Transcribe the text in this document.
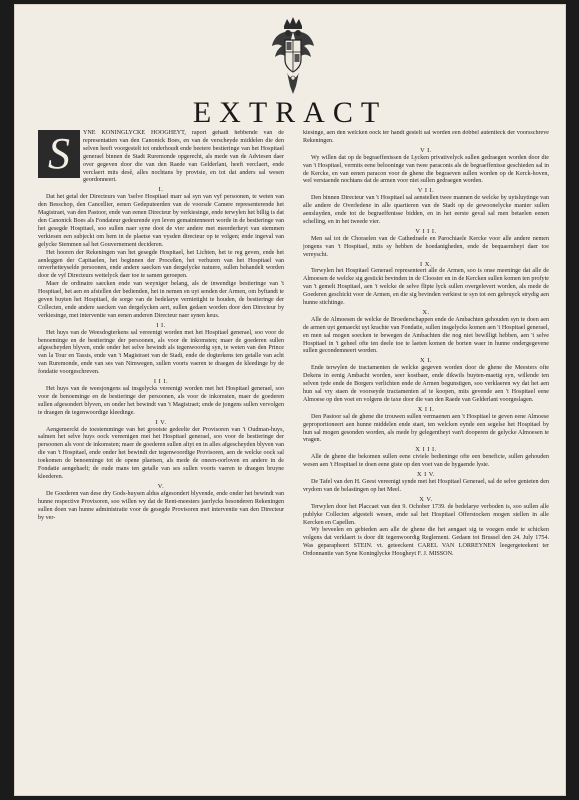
EXTRACT
S	YNE KONINGLYCKE HOOGHEYT, raport gehadt hebbende van de representatien van den Canonick Boes, en van de verscheyde middelen die den selven heeft voorgestelt tot onderhoudt ende beetere bestieringe van het Hospitael generael binnen de Stadt Ruremonde opgerecht, als mede van de Adviesen daer over gegeven door die van den Raede van Gelderlant, heeft verclaert, ende verclaert mits desê, alles nochtans by provisie, en tot dat anders sal wesen geordonneert.

I.

Dat het getal der Directeurs van 'tselve Hospitael marr sal syn van vyf persoonen, te weten van den Besschop, den Cancellier, eenen Gedeputeerden van de voorsde Camere representerende het Magistraet, van den Pastoor, ende van eenen Directeur by verkiesinge, ende terwylen het billig is dat den Canonick Boes als Fondateur gedeurende syn leven gemaintenneert worde in de bestieringe van het gesegde Hospitael, soo sullen naer syne doot de vier andere met meerderheyt van stemmen verkiesen een subjeckt om hem in de plaetse van vysden directeur op te volgen; ende ingeval van gelycke Stemmen sal het Gouvernement decideren.

Het hooren der Rekeningen van het gesegde Hospitael, het Lichten, het te reg geven, ende het aenleggen der Capitaelen, het beginnen der Proceßen, het verhuren van het Hospitael van onverhetteyselde persoonen, ende andere saecken van dergelycke natuere, sullen behandelt worden door de vyf Directeurs wettelyck daer toe te samen geroepen.

Maer de ordinaire saecken ende van weyniger belang, als de inwendige bestieringe van 't Hospitael, het aen en afstellen der bedienden, het in nemen en uyt senden der Armen, om byftandt te geven buyten het Hospitael, de sorge van de bedelarye vernietight te houden, de bestieringe der Collecten, ende andere saecken van dergelycken aert, sullen gedaen worden door den Directeur by verkiesinge, met interventie van eenen anderen Directeur naer synen keus.

I I.

Het huys van de Weesdogterkens sal vereenigt worden met het Hospitael generael, soo voor de benoeminge en de bestieringe der persoonen, als voor de inkomsten; maer de goederen sullen afgescheyden blyven, ende onder het selve bewindt als tegenwoordig syn, te weten van den Prince van la Tour en Tassis, ende van 't Magistraet van de Stadt, ende de dogterkens ten getalle van acht van Ruremonde, ende van ses van Nimwegen, sullen voorts vaeren te draegen de kleedinge by de fondatie voorgeschreven.

I I I.

Het huys van de weesjongens sal insgelycks vereenigt worden met het Hospitael generael, soo voor de benoeminge en de bestieringe der persoonen, als voor de inkomsten, maer de goederen sullen afgesondert blyven, en onder het bewindt van 't Magistraet; ende de jongens sullen vervolgen te draegen de tegenwoordige kleedinge.

I V.

Aengemerckt de toestemminge van het grootste gedeelte der Provisoren van 't Oudman-huys, salmen het selve huys oock vereenigen met het Hospitael generael, soo voor de bestieringe der persoonen als voor de inkomsten; maer de goederen sullen altyt en in alles afgescheyden blyven van die van 't Hospitael, ende onder het bewindt der tegenwoordige Provisoren, aen de welcke oock sal toekomen de benoeminge tot de opene plaetsen, als mede de oneen-oorloven en andere in de Fondatie aengehaelt; de oude mans ten getalle van ses sullen voorts vaeren te draegen bruyne kleederen.

V.

De Goederen van dese dry Gods-huysen aldus afgesondert blyvende, ende onder het bewindt van hunne respective Provisoren, soo willen wy dat de Rent-meesters jaerlycks besonderen Rekeningen sullen doen van hunne administratie voor de gesegde Provisoren met interventie van den Directeur by ver-

kiesinge, aen den welcken oock ter handt gestelt sal worden een dobbel autentieck der voorsschreve Rekeningen.

V I.

Wy willen dat op de begraeffenissen de Lycken privativelyck sullen gedraegen worden door die van 't Hospitael, vermits eene belooninge van twee paraconis als de begraeffenisse geschieden sal in de Kercke, en van eenen paracon voor de ghene die begraeven sullen worden op de Kerck-hoven, wel verstaende nochtans dat de armen voor niet sullen gedraegen worden.

V I I.

Den binnen Directeur van 't Hospitael sal aenstellen twee mannen de welcke by uytsluytinge van alle andere de Overledene in alle quartieren van de Stadt op de gewoonelycke manier sullen aensluyden, ende tot de begraeffenisse bidden, en in het eerste geval sal men betaelen eenen schelling, en in het tweede vier.

V I I I.

Men sal tot de Choraelen van de Cathedraele en Parochiaele Kercke voor alle andere nemen jongens van 't Hospitael, mits sy hebben de hoedanigheden, ende de bequaemheyt daer toe vereyscht.

I X.

Terwylen het Hospitael Generael representeert alle de Armen, soo is onse meeninge dat alle de Almoesen de welcke sig gestickt bevinden in de Clooster en in de Kercken sullen komen ten profyte van 't gemelt Hospitael, aen 't welcke de selve flipte lyck sullen overgelevert worden, als mede de Goederen geschickt voor de Armen, en die sig bevinden verkiest te syn tot een gebruyck strydig aen hunne stichtinge.

X.

Alle de Almoesen de welcke de Broederschappen ende de Ambachten gehouden syn te doen aen de armen uyt gemaeckt uyt krachte van Fondatie, sullen insgelycks komen aen 't Hospitael generael, en men sal mogen soecken te bewegen de Ambachten die nog niet bewilligt hebben, aen 't selve Hospitael in 't geheel ofte ten deele toe te laeten komen de borten waer in hunne ondergegevene sullen gecondemneert worden.

X I.

Ende terwylen de tractamenten de welcke gegeven worden door de ghene die Meesters ofte Dekens in eenig Ambacht worden, seer kostbaer, ende dikwils buyten-maetig syn, willende ten selven tyde ende de Borgers verlichten ende de Armen begunstigen, soo verklaeren wy dat het aen hun sal vry staen de voorseyde tractamenten af te koopen, mits gevende aen 't Hospitael eene Almoese op den voet en volgens de taxe door die van den Raede van Gelderlant voorgeslagen.

X I I.

Den Pastoor sal de ghene die trouwen sullen vermaenen aen 't Hospitael te geven eene Almoese geproportioneert aen hunne middelen ende staet, ten welcken eynde een segelse het Hospitael by hun sal mogen gesonden worden, als mede by gelegentheyt van't dooperen de gelycke Almoesen te vragen.

X I I I.

Alle de ghene die bekomen sullen eene civiele bedieninge ofte een beneficie, sullen gehouden wesen aen 't Hospitael te doen eene giste op den voet van de bygaende lyste.

X I V.

De Tafel van den H. Geest vereenigt synde met het Hospitael Generael, sal de selve genieten den vrydom van de belastingen op het Meel.

X V.

Terwylen door het Placcaet van den 9. Ochober 1739. de bedelarye verboden is, soo sullen alle publyke Collecten afgestelt wesen, ende sal het Hospitael Offerstocken mogen stellen in alle Kercken en Capellen.

Wy beveelen en gebieden aen alle de ghene die het aengaet sig te voegen ende te schicken volgens dat verklaert is door dit tegenwoordig Reglement. Gedaen tot Brussel den 24. July 1754. Was geparapheert STEIN. vt. geteeckent CAREL VAN LORREYNEN leegergeteekent ter Ordonnantie van Syne Koninglycke Hoogheyt F. J. MISSON.
